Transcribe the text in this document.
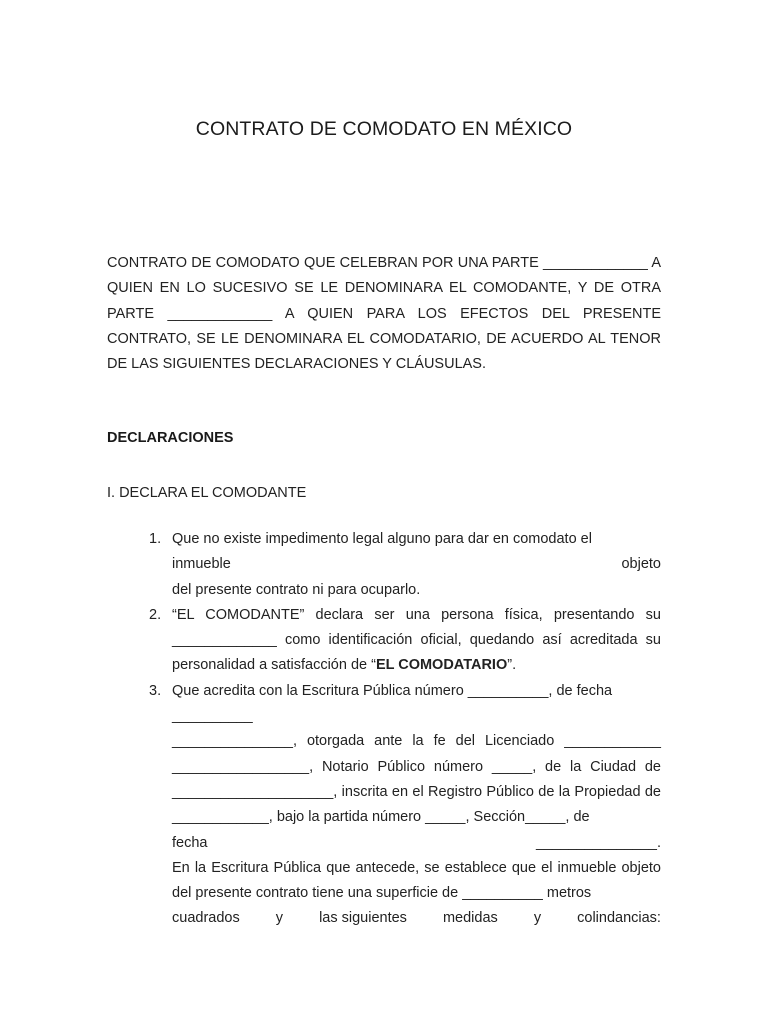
CONTRATO DE COMODATO EN MÉXICO

CONTRATO DE COMODATO QUE CELEBRAN POR UNA PARTE _____________ A QUIEN EN LO SUCESIVO SE LE DENOMINARA EL COMODANTE, Y DE OTRA PARTE _____________ A QUIEN PARA LOS EFECTOS DEL PRESENTE CONTRATO, SE LE DENOMINARA EL COMODATARIO, DE ACUERDO AL TENOR DE LAS SIGUIENTES DECLARACIONES Y CLÁUSULAS.

DECLARACIONES
I. DECLARA EL COMODANTE
1. Que no existe impedimento legal alguno para dar en comodato el
inmueble	objeto
del presente contrato ni para ocuparlo.
2. “EL COMODANTE” declara ser una persona física, presentando su _____________ como identificación oficial, quedando así acreditada su personalidad a satisfacción de “EL COMODATARIO”.
3. Que acredita con la Escritura Pública número __________, de fecha
__________
_______________, otorgada ante la fe del Licenciado ____________ _________________, Notario Público número _____, de la Ciudad de ____________________, inscrita en el Registro Público de la Propiedad de ____________, bajo la partida número _____, Sección_____, de
fecha	_______________.
En la Escritura Pública que antecede, se establece que el inmueble objeto del presente contrato tiene una superficie de __________ metros
cuadrados y las siguientes medidas y colindancias:
